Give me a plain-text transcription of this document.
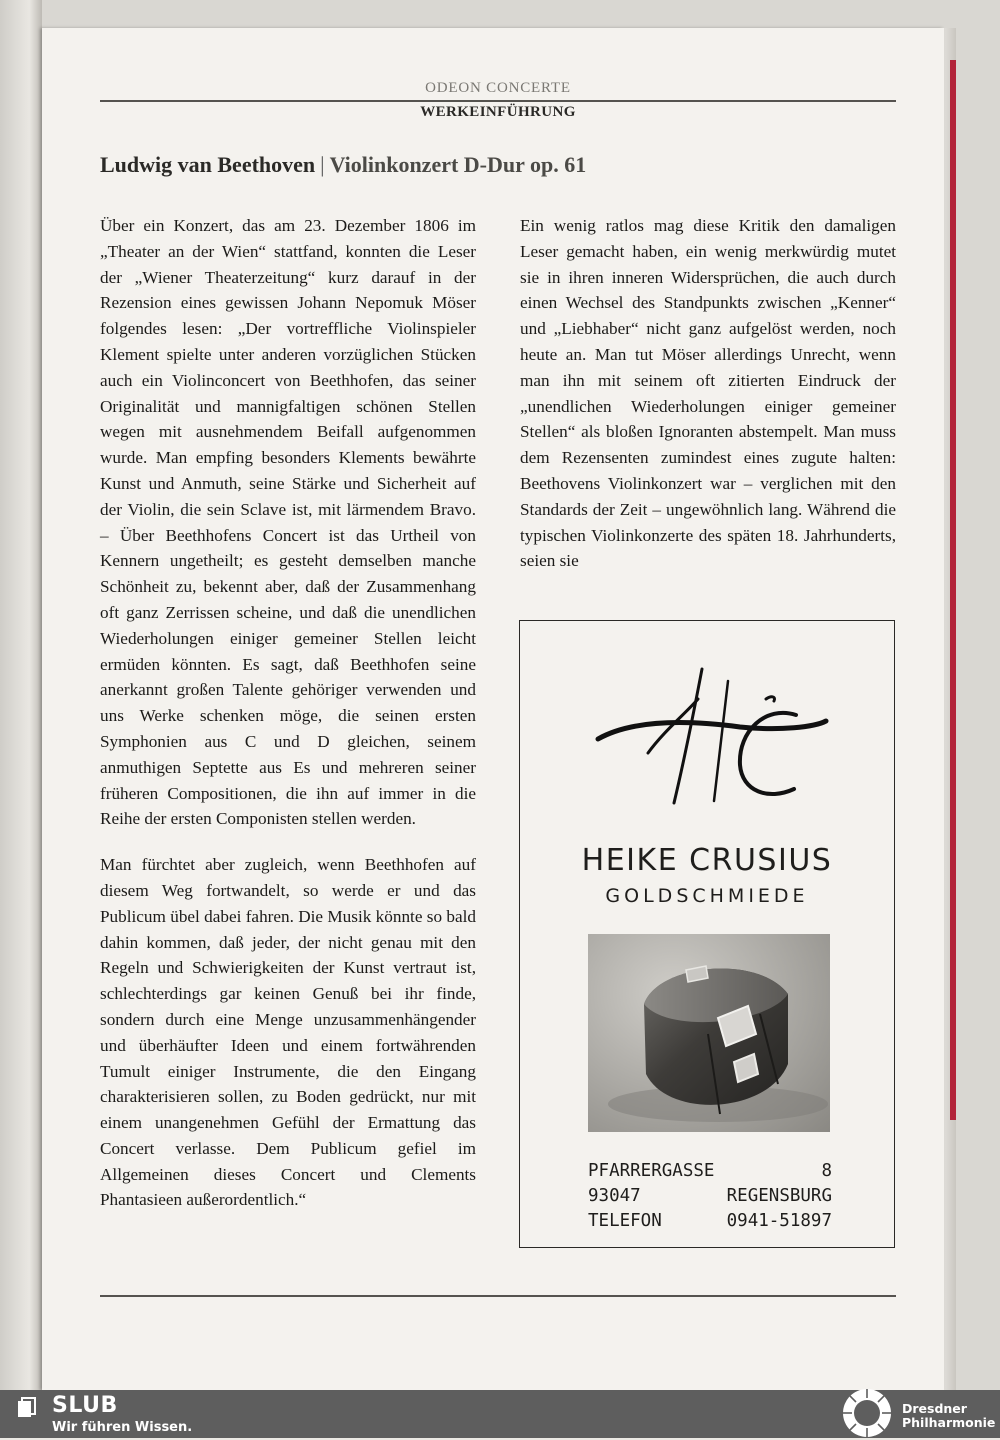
ODEON CONCERTE
WERKEINFÜHRUNG
Ludwig van Beethoven | Violinkonzert D-Dur op. 61

Über ein Konzert, das am 23. Dezember 1806 im „Theater an der Wien“ stattfand, konnten die Leser der „Wiener Theaterzeitung“ kurz darauf in der Rezension eines gewissen Johann Nepomuk Möser folgendes lesen: „Der vortreffliche Violinspieler Klement spielte unter anderen vorzüglichen Stücken auch ein Violinconcert von Beethhofen, das seiner Originalität und mannigfaltigen schönen Stellen wegen mit ausnehmendem Beifall aufgenommen wurde. Man empfing besonders Klements bewährte Kunst und Anmuth, seine Stärke und Sicherheit auf der Violin, die sein Sclave ist, mit lärmendem Bravo. – Über Beethhofens Concert ist das Urtheil von Kennern ungetheilt; es gesteht demselben manche Schönheit zu, bekennt aber, daß der Zusammenhang oft ganz Zerrissen scheine, und daß die unendlichen Wiederholungen einiger gemeiner Stellen leicht ermüden könnten. Es sagt, daß Beethhofen seine anerkannt großen Talente gehöriger verwenden und uns Werke schenken möge, die seinen ersten Symphonien aus C und D gleichen, seinem anmuthigen Septette aus Es und mehreren seiner früheren Compositionen, die ihn auf immer in die Reihe der ersten Componisten stellen werden.

Man fürchtet aber zugleich, wenn Beethhofen auf diesem Weg fortwandelt, so werde er und das Publicum übel dabei fahren. Die Musik könnte so bald dahin kommen, daß jeder, der nicht genau mit den Regeln und Schwierigkeiten der Kunst vertraut ist, schlechterdings gar keinen Genuß bei ihr finde, sondern durch eine Menge unzusammenhängender und überhäufter Ideen und einem fortwährenden Tumult einiger Instrumente, die den Eingang charakterisieren sollen, zu Boden gedrückt, nur mit einem unangenehmen Gefühl der Ermattung das Concert verlasse. Dem Publicum gefiel im Allgemeinen dieses Concert und Clements Phantasieen außerordentlich.“

Ein wenig ratlos mag diese Kritik den damaligen Leser gemacht haben, ein wenig merkwürdig mutet sie in ihren inneren Widersprüchen, die auch durch einen Wechsel des Standpunkts zwischen „Kenner“ und „Liebhaber“ nicht ganz aufgelöst werden, noch heute an. Man tut Möser allerdings Unrecht, wenn man ihn mit seinem oft zitierten Eindruck der „unendlichen Wiederholungen einiger gemeiner Stellen“ als bloßen Ignoranten abstempelt. Man muss dem Rezensenten zumindest eines zugute halten: Beethovens Violinkonzert war – verglichen mit den Standards der Zeit – ungewöhnlich lang. Während die typischen Violinkonzerte des späten 18. Jahrhunderts, seien sie

HEIKE CRUSIUS
GOLDSCHMIEDE
PFARRERGASSE 8
93047 REGENSBURG
TELEFON 0941-51897
SLUB
Wir führen Wissen.
Dresdner
Philharmonie
